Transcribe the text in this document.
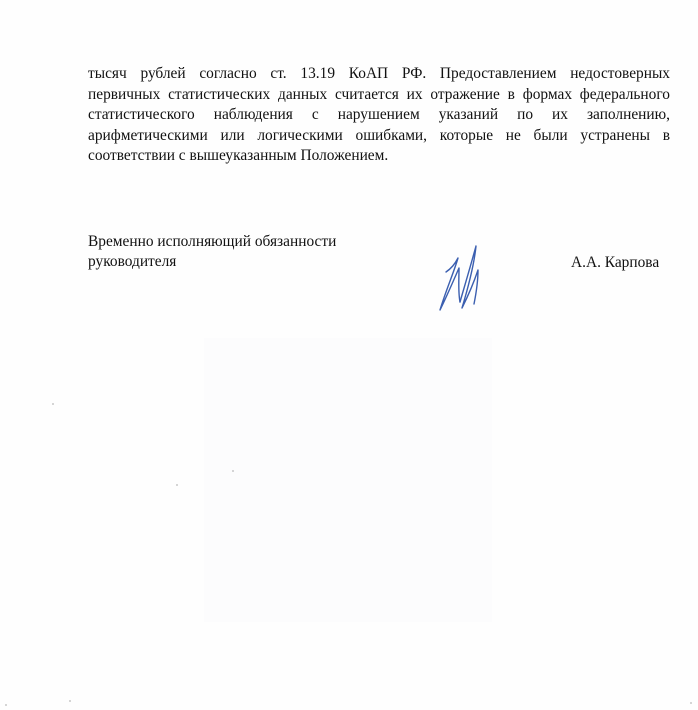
тысяч рублей согласно ст. 13.19 КоАП РФ. Предоставлением недостоверных
первичных статистических данных считается их отражение в формах федерального
статистического наблюдения с нарушением указаний по их заполнению,
арифметическими или логическими ошибками, которые не были устранены в
соответствии с вышеуказанным Положением.
Временно исполняющий обязанности
руководителя	А.А. Карпова
